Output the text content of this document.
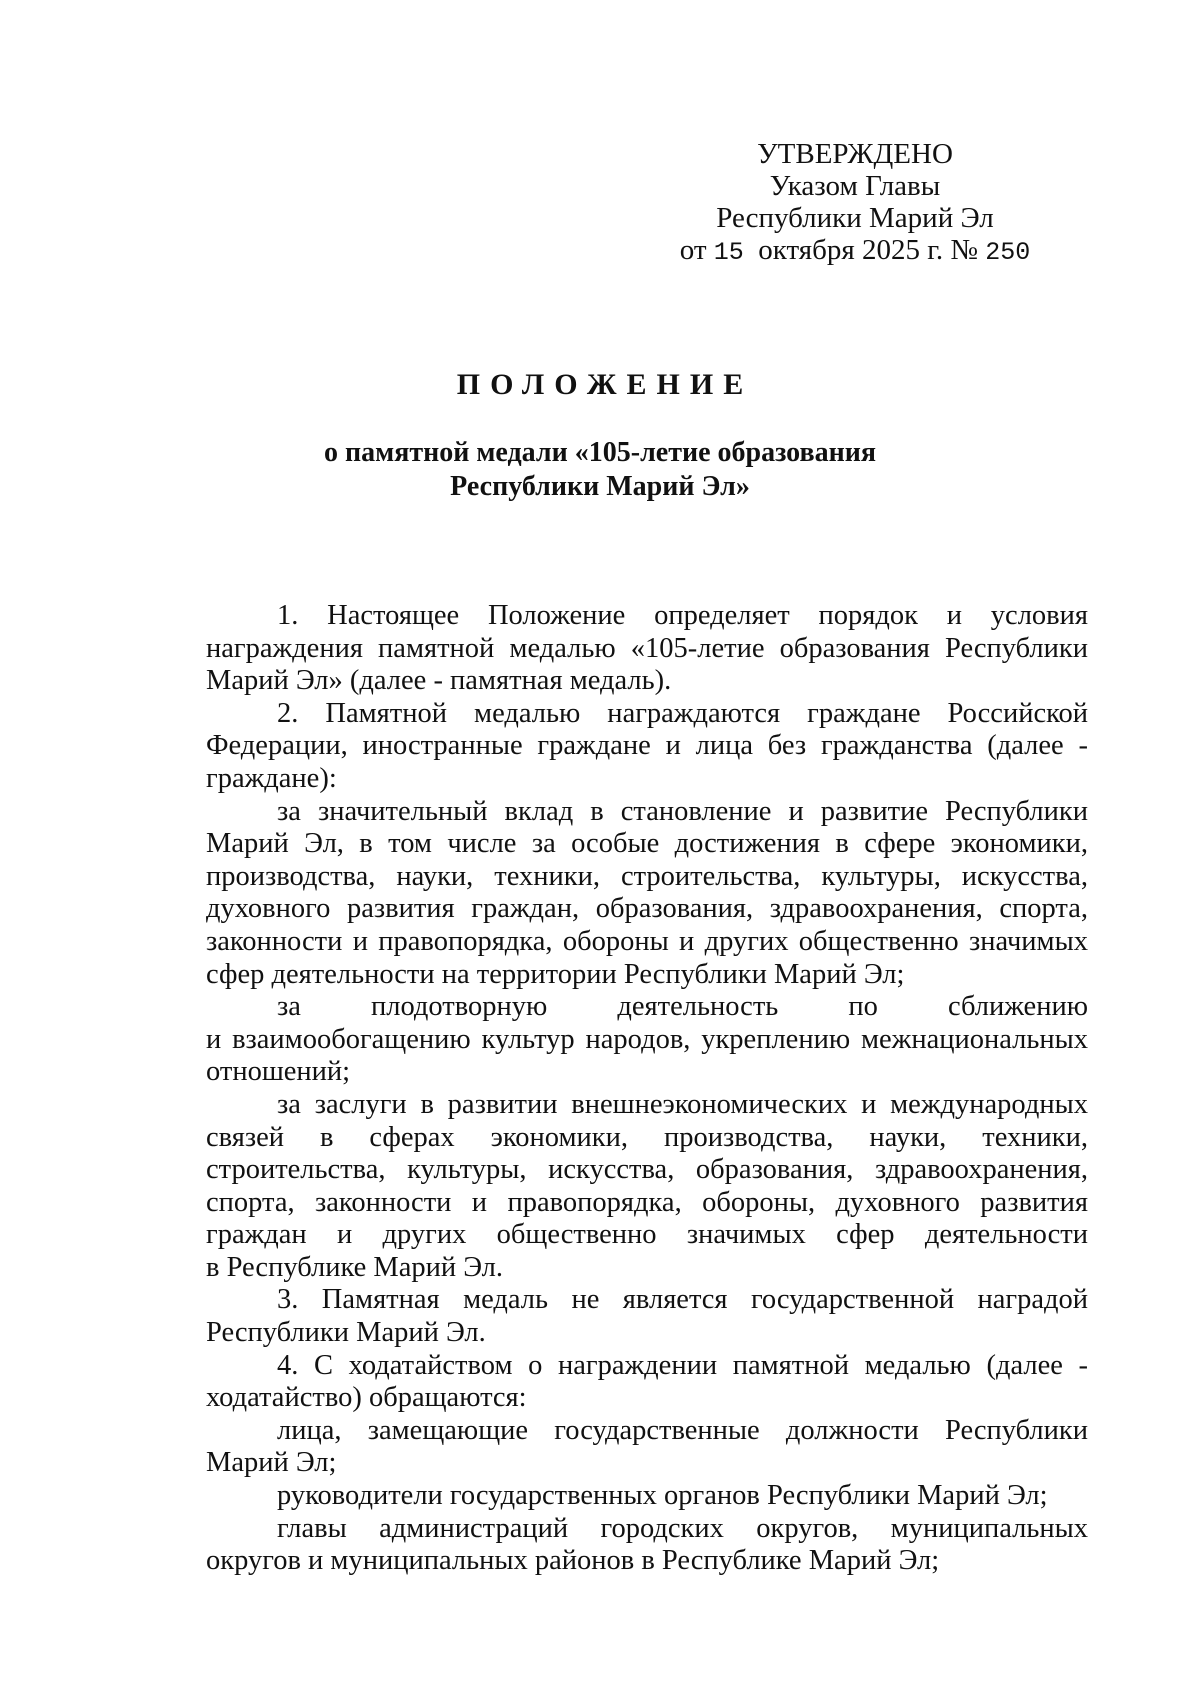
УТВЕРЖДЕНО
Указом Главы
Республики Марий Эл
от 15 октября 2025 г. № 250
ПОЛОЖЕНИЕ
о памятной медали «105-летие образования
Республики Марий Эл»
1. Настоящее Положение определяет порядок и условия
награждения памятной медалью «105-летие образования Республики
Марий Эл» (далее - памятная медаль).
2. Памятной медалью награждаются граждане Российской
Федерации, иностранные граждане и лица без гражданства (далее -
граждане):
за значительный вклад в становление и развитие Республики
Марий Эл, в том числе за особые достижения в сфере экономики,
производства, науки, техники, строительства, культуры, искусства,
духовного развития граждан, образования, здравоохранения, спорта,
законности и правопорядка, обороны и других общественно значимых
сфер деятельности на территории Республики Марий Эл;
за плодотворную деятельность по сближению
и взаимообогащению культур народов, укреплению межнациональных
отношений;
за заслуги в развитии внешнеэкономических и международных
связей в сферах экономики, производства, науки, техники,
строительства, культуры, искусства, образования, здравоохранения,
спорта, законности и правопорядка, обороны, духовного развития
граждан и других общественно значимых сфер деятельности
в Республике Марий Эл.
3. Памятная медаль не является государственной наградой
Республики Марий Эл.
4. С ходатайством о награждении памятной медалью (далее -
ходатайство) обращаются:
лица, замещающие государственные должности Республики
Марий Эл;
руководители государственных органов Республики Марий Эл;
главы администраций городских округов, муниципальных
округов и муниципальных районов в Республике Марий Эл;
